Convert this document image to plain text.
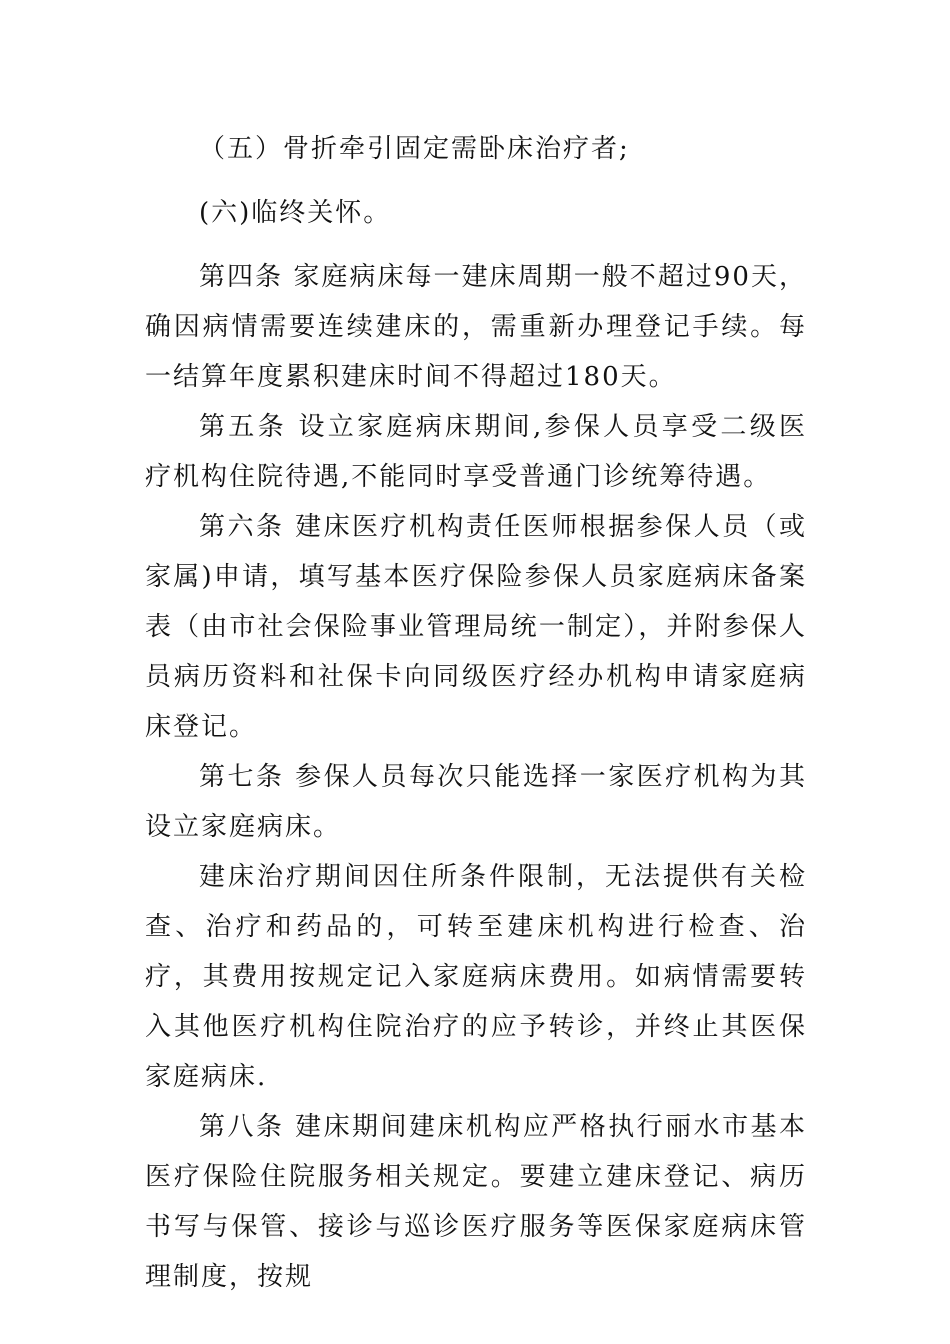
（五）骨折牵引固定需卧床治疗者;

(六)临终关怀。

第四条 家庭病床每一建床周期一般不超过90天，确因病情需要连续建床的，需重新办理登记手续。每一结算年度累积建床时间不得超过180天。

第五条 设立家庭病床期间,参保人员享受二级医疗机构住院待遇,不能同时享受普通门诊统筹待遇。

第六条 建床医疗机构责任医师根据参保人员（或家属)申请，填写基本医疗保险参保人员家庭病床备案表（由市社会保险事业管理局统一制定），并附参保人员病历资料和社保卡向同级医疗经办机构申请家庭病床登记。

第七条 参保人员每次只能选择一家医疗机构为其设立家庭病床。

建床治疗期间因住所条件限制，无法提供有关检查、治疗和药品的，可转至建床机构进行检查、治疗，其费用按规定记入家庭病床费用。如病情需要转入其他医疗机构住院治疗的应予转诊，并终止其医保家庭病床.

第八条 建床期间建床机构应严格执行丽水市基本医疗保险住院服务相关规定。要建立建床登记、病历书写与保管、接诊与巡诊医疗服务等医保家庭病床管理制度，按规
